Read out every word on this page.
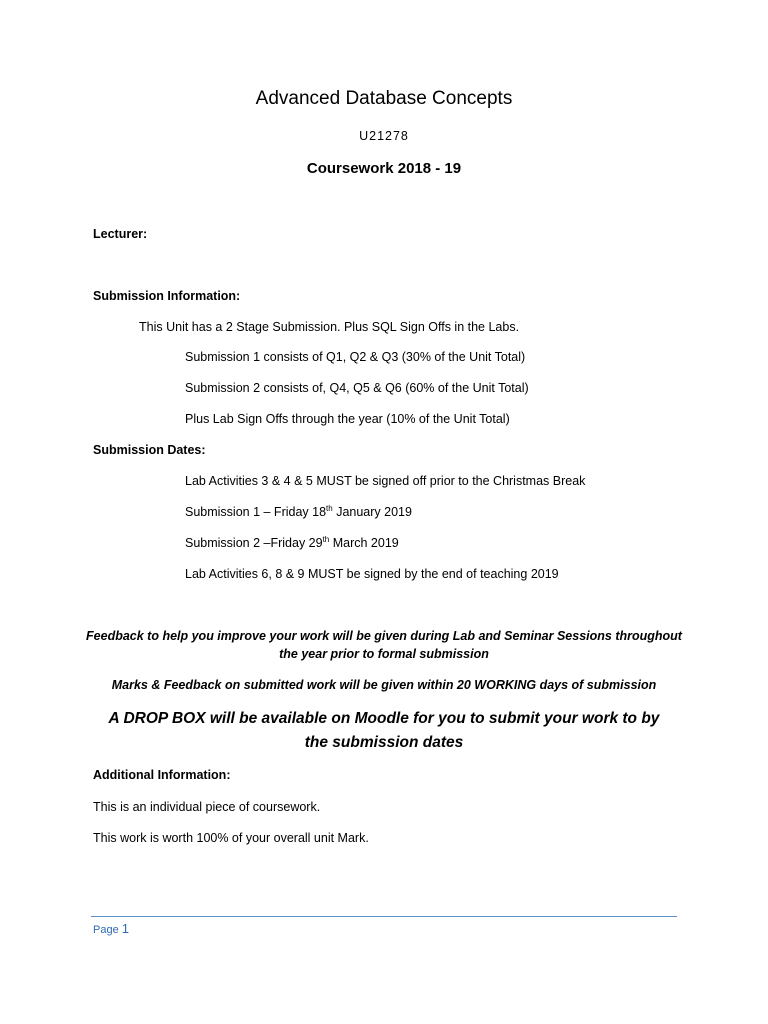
Advanced Database Concepts
U21278
Coursework 2018 - 19
Lecturer:
Submission Information:
This Unit has a 2 Stage Submission. Plus SQL Sign Offs in the Labs.
Submission 1 consists of Q1, Q2 & Q3 (30% of the Unit Total)
Submission 2 consists of, Q4, Q5 & Q6 (60% of the Unit Total)
Plus Lab Sign Offs through the year (10% of the Unit Total)
Submission Dates:
Lab Activities 3 & 4 & 5 MUST be signed off prior to the Christmas Break
Submission 1 – Friday 18th January 2019
Submission 2 –Friday 29th March 2019
Lab Activities 6, 8 & 9 MUST be signed by the end of teaching 2019
Feedback to help you improve your work will be given during Lab and Seminar Sessions throughout
the year prior to formal submission
Marks & Feedback on submitted work will be given within 20 WORKING days of submission
A DROP BOX will be available on Moodle for you to submit your work to by
the submission dates
Additional Information:
This is an individual piece of coursework.
This work is worth 100% of your overall unit Mark.
Page 1
